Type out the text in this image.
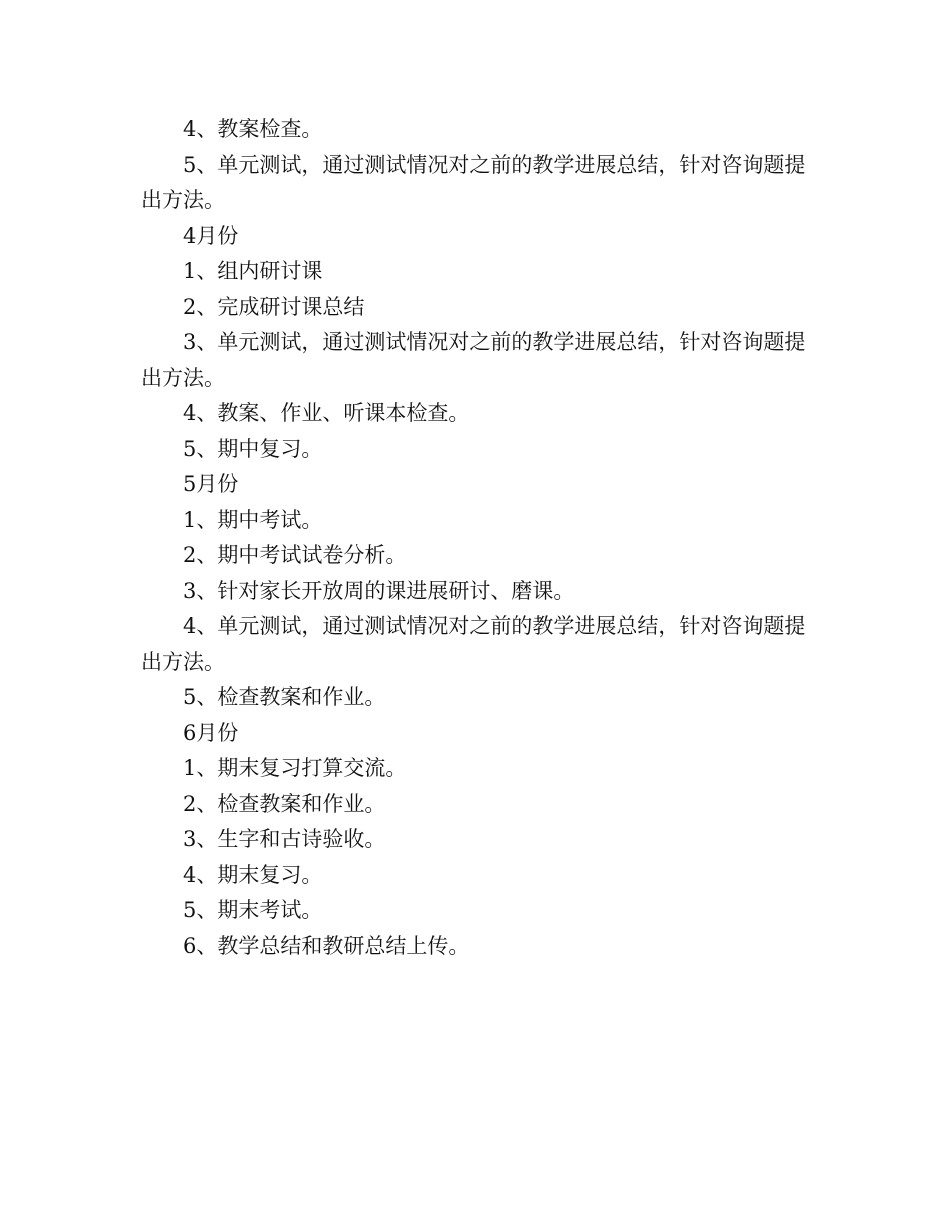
4、教案检查。

5、单元测试，通过测试情况对之前的教学进展总结，针对咨询题提出方法。

4月份

1、组内研讨课

2、完成研讨课总结

3、单元测试，通过测试情况对之前的教学进展总结，针对咨询题提出方法。

4、教案、作业、听课本检查。

5、期中复习。

5月份

1、期中考试。

2、期中考试试卷分析。

3、针对家长开放周的课进展研讨、磨课。

4、单元测试，通过测试情况对之前的教学进展总结，针对咨询题提出方法。

5、检查教案和作业。

6月份

1、期末复习打算交流。

2、检查教案和作业。

3、生字和古诗验收。

4、期末复习。

5、期末考试。

6、教学总结和教研总结上传。
